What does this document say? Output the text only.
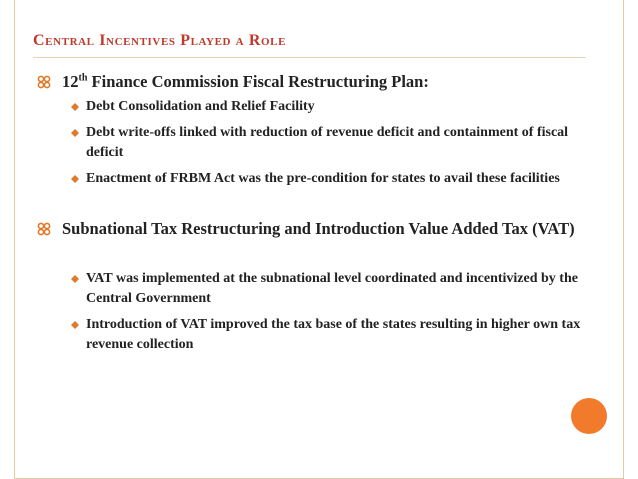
Central Incentives Played a Role
12th Finance Commission Fiscal Restructuring Plan:
Debt Consolidation and Relief Facility
Debt write-offs linked with reduction of revenue deficit and containment of fiscal deficit
Enactment of FRBM Act was the pre-condition for states to avail these facilities
Subnational Tax Restructuring and Introduction Value Added Tax (VAT)
VAT was implemented at the subnational level coordinated and incentivized by the Central Government
Introduction of VAT improved the tax base of the states resulting in higher own tax revenue collection
